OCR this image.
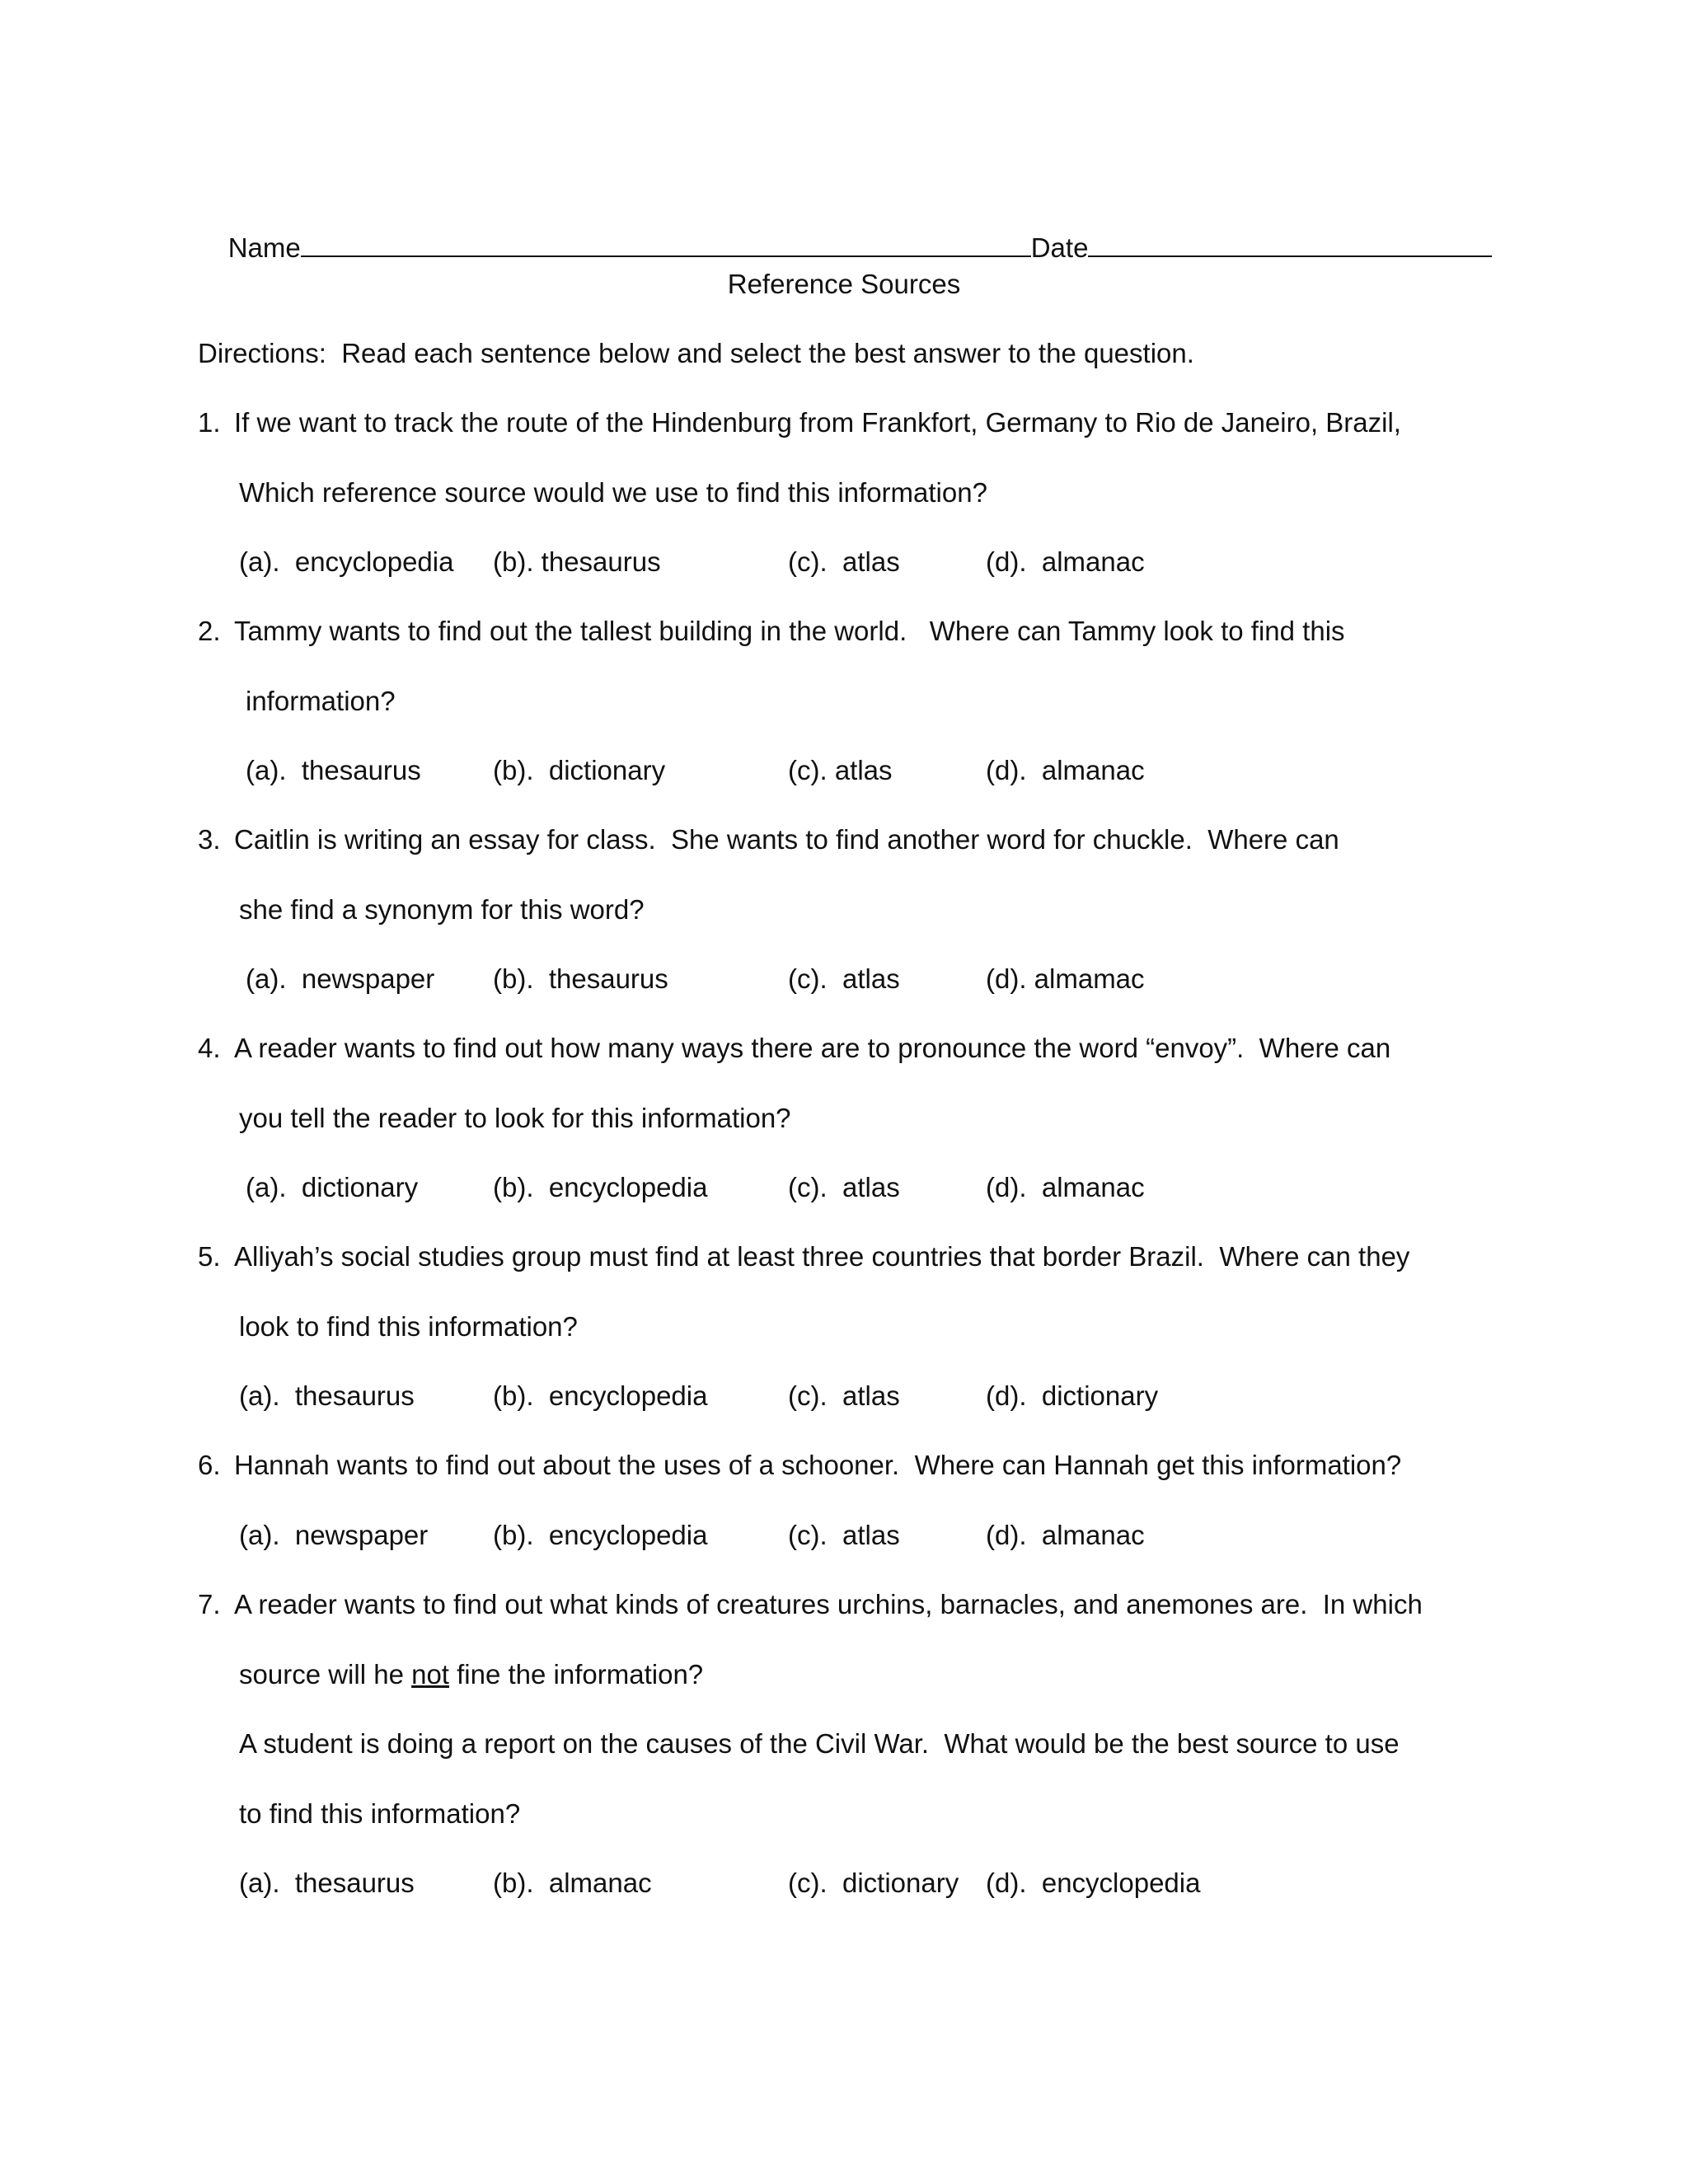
Name	Date

Reference Sources
Directions:  Read each sentence below and select the best answer to the question.
1. If we want to track the route of the Hindenburg from Frankfort, Germany to Rio de Janeiro, Brazil,
Which reference source would we use to find this information?
(a).  encyclopedia (b). thesaurus	(c).  atlas	(d).  almanac
2. Tammy wants to find out the tallest building in the world.   Where can Tammy look to find this
information?
(a).  thesaurus	(b).  dictionary	(c). atlas	(d).  almanac
3. Caitlin is writing an essay for class.  She wants to find another word for chuckle.  Where can
she find a synonym for this word?
(a).  newspaper (b).  thesaurus	(c).  atlas	(d). almamac
4. A reader wants to find out how many ways there are to pronounce the word “envoy”.  Where can
you tell the reader to look for this information?
(a).  dictionary	(b).  encyclopedia	(c).  atlas	(d).  almanac
5. Alliyah’s social studies group must find at least three countries that border Brazil.  Where can they
look to find this information?
(a).  thesaurus	(b).  encyclopedia	(c).  atlas	(d).  dictionary
6. Hannah wants to find out about the uses of a schooner.  Where can Hannah get this information?
(a).  newspaper (b).  encyclopedia	(c).  atlas	(d).  almanac
7. A reader wants to find out what kinds of creatures urchins, barnacles, and anemones are.  In which
source will he not fine the information?
A student is doing a report on the causes of the Civil War.  What would be the best source to use
to find this information?
(a).  thesaurus	(b).  almanac	(c).  dictionary (d).  encyclopedia
